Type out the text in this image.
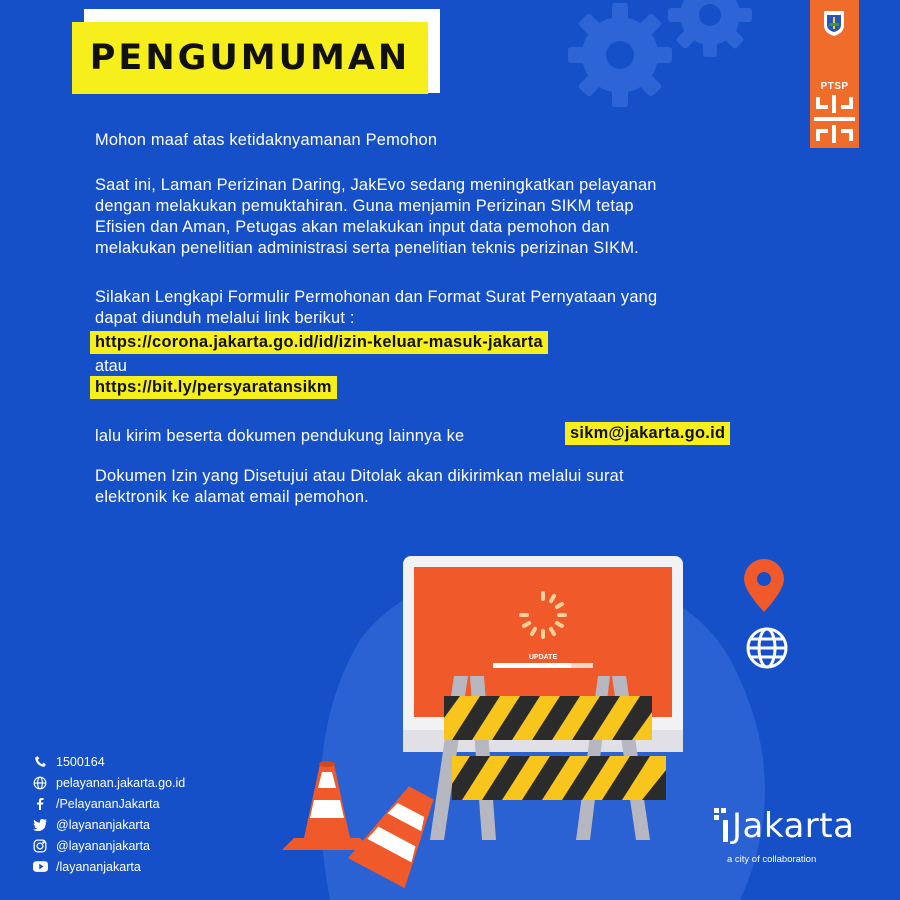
PENGUMUMAN
PTSP
Mohon maaf atas ketidaknyamanan Pemohon
Saat ini, Laman Perizinan Daring, JakEvo sedang meningkatkan pelayanan
dengan melakukan pemuktahiran. Guna menjamin Perizinan SIKM tetap
Efisien dan Aman, Petugas akan melakukan input data pemohon dan
melakukan penelitian administrasi serta penelitian teknis perizinan SIKM.
Silakan Lengkapi Formulir Permohonan dan Format Surat Pernyataan yang
dapat diunduh melalui link berikut :
https://corona.jakarta.go.id/id/izin-keluar-masuk-jakarta
atau
https://bit.ly/persyaratansikm
lalu kirim beserta dokumen pendukung lainnya ke	sikm@jakarta.go.id
Dokumen Izin yang Disetujui atau Ditolak akan dikirimkan melalui surat
elektronik ke alamat email pemohon.
UPDATE
1500164
pelayanan.jakarta.go.id
/PelayananJakarta
@layananjakarta
@layananjakarta
/layananjakarta
Jakarta
a city of collaboration
